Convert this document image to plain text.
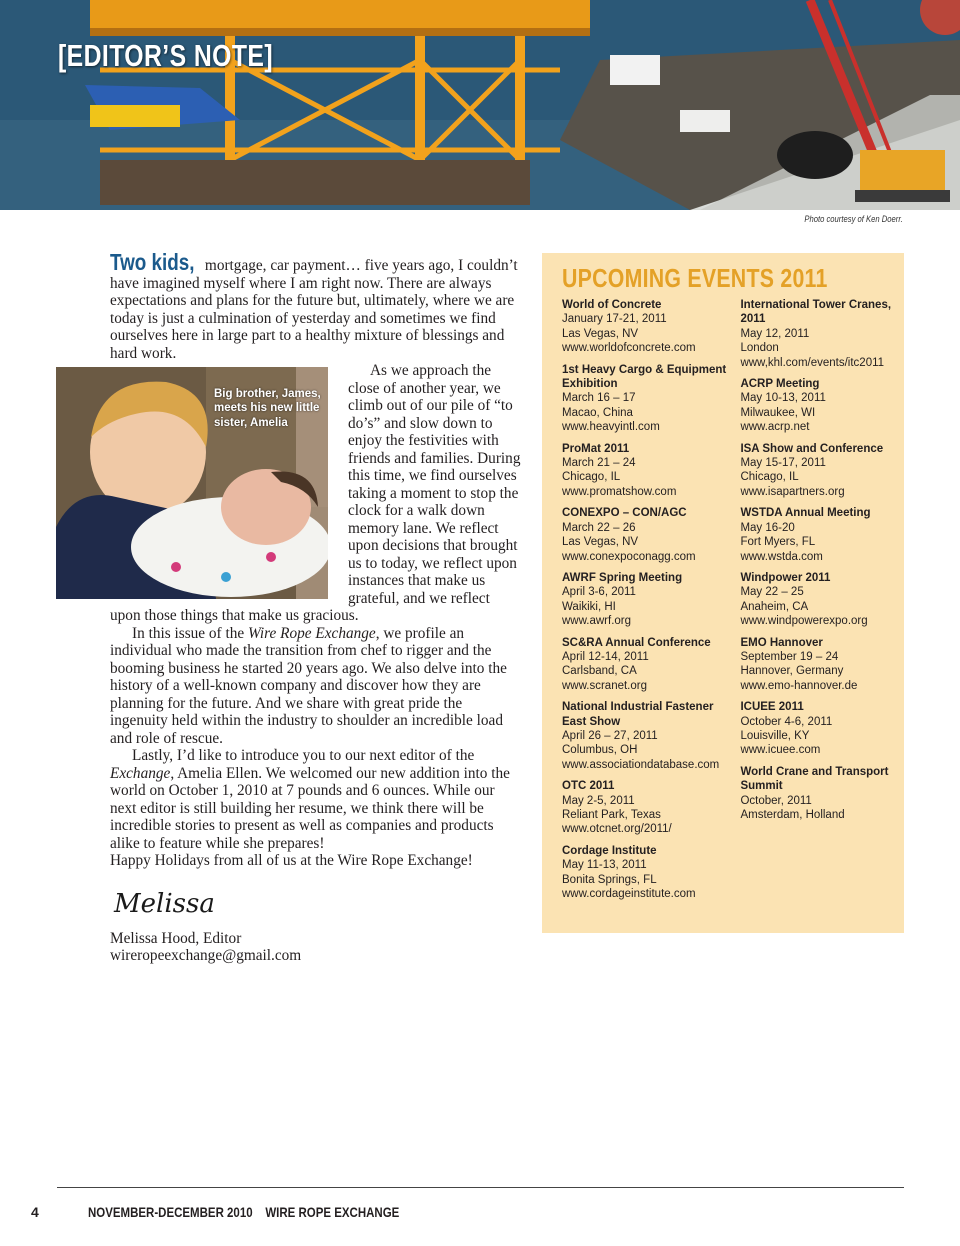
[EDITOR’S NOTE]
Photo courtesy of Ken Doerr.

Two kids, mortgage, car payment… five years ago, I couldn’t have imagined myself where I am right now. There are always expectations and plans for the future but, ultimately, where we are today is just a culmination of yesterday and sometimes we find ourselves here in large part to a healthy mixture of blessings and hard work.

Big brother, James, meets his new little sister, Amelia

As we approach the close of another year, we climb out of our pile of “to do’s” and slow down to enjoy the festivities with friends and families. During this time, we find ourselves taking a moment to stop the clock for a walk down memory lane. We reflect upon decisions that brought us to today, we reflect upon instances that make us grateful, and we reflect upon those things that make us gracious.

In this issue of the Wire Rope Exchange, we profile an individual who made the transition from chef to rigger and the booming business he started 20 years ago. We also delve into the history of a well-known company and discover how they are planning for the future. And we share with great pride the ingenuity held within the industry to shoulder an incredible load and role of rescue.

Lastly, I’d like to introduce you to our next editor of the Exchange, Amelia Ellen. We welcomed our new addition into the world on October 1, 2010 at 7 pounds and 6 ounces. While our next editor is still building her resume, we think there will be incredible stories to present as well as companies and products alike to feature while she prepares!

Happy Holidays from all of us at the Wire Rope Exchange!

Melissa

Melissa Hood, Editor

wireropeexchange@gmail.com

UPCOMING EVENTS 2011
World of Concrete
January 17-21, 2011
Las Vegas, NV
www.worldofconcrete.com
1st Heavy Cargo & Equipment Exhibition
March 16 – 17
Macao, China
www.heavyintl.com
ProMat 2011
March 21 – 24
Chicago, IL
www.promatshow.com
CONEXPO – CON/AGC
March 22 – 26
Las Vegas, NV
www.conexpoconagg.com
AWRF Spring Meeting
April 3-6, 2011
Waikiki, HI
www.awrf.org
SC&RA Annual Conference
April 12-14, 2011
Carlsband, CA
www.scranet.org
National Industrial Fastener East Show
April 26 – 27, 2011
Columbus, OH
www.associationdatabase.com
OTC 2011
May 2-5, 2011
Reliant Park, Texas
www.otcnet.org/2011/
Cordage Institute
May 11-13, 2011
Bonita Springs, FL
www.cordageinstitute.com
International Tower Cranes, 2011
May 12, 2011
London
www,khl.com/events/itc2011
ACRP Meeting
May 10-13, 2011
Milwaukee, WI
www.acrp.net
ISA Show and Conference
May 15-17, 2011
Chicago, IL
www.isapartners.org
WSTDA Annual Meeting
May 16-20
Fort Myers, FL
www.wstda.com
Windpower 2011
May 22 – 25
Anaheim, CA
www.windpowerexpo.org
EMO Hannover
September 19 – 24
Hannover, Germany
www.emo-hannover.de
ICUEE 2011
October 4-6, 2011
Louisville, KY
www.icuee.com
World Crane and Transport Summit
October, 2011
Amsterdam, Holland
4	NOVEMBER-DECEMBER 2010    WIRE ROPE EXCHANGE
